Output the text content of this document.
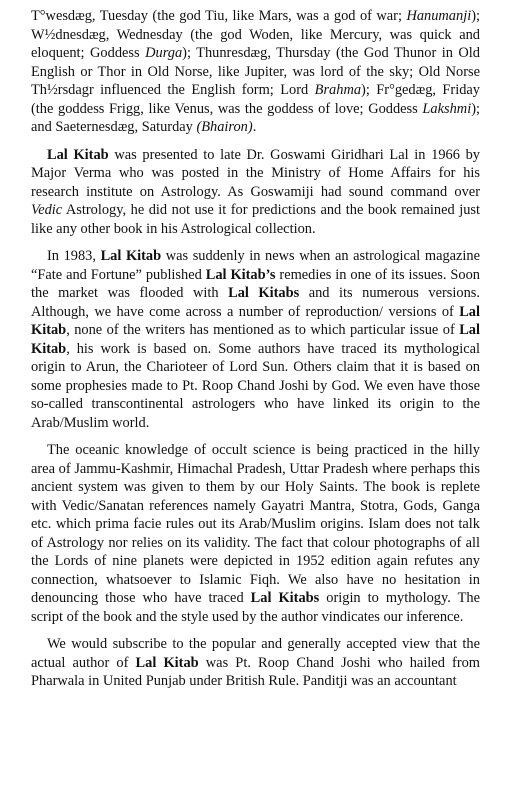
T°wesdæg, Tuesday (the god Tiu, like Mars, was a god of war; Hanumanji); W½dnesdæg, Wednesday (the god Woden, like Mercury, was quick and eloquent; Goddess Durga); Thunresdæg, Thursday (the God Thunor in Old English or Thor in Old Norse, like Jupiter, was lord of the sky; Old Norse Th½rsdagr influenced the English form; Lord Brahma); Fr°gedæg, Friday (the goddess Frigg, like Venus, was the goddess of love; Goddess Lakshmi); and Saeternesdæg, Saturday (Bhairon).

Lal Kitab was presented to late Dr. Goswami Giridhari Lal in 1966 by Major Verma who was posted in the Ministry of Home Affairs for his research institute on Astrology. As Goswamiji had sound command over Vedic Astrology, he did not use it for predictions and the book remained just like any other book in his Astrological collection.

In 1983, Lal Kitab was suddenly in news when an astrological magazine “Fate and Fortune” published Lal Kitab’s remedies in one of its issues. Soon the market was flooded with Lal Kitabs and its numerous versions. Although, we have come across a number of reproduction/ versions of Lal Kitab, none of the writers has mentioned as to which particular issue of Lal Kitab, his work is based on. Some authors have traced its mythological origin to Arun, the Charioteer of Lord Sun. Others claim that it is based on some prophesies made to Pt. Roop Chand Joshi by God. We even have those so-called transcontinental astrologers who have linked its origin to the Arab/Muslim world.

The oceanic knowledge of occult science is being practiced in the hilly area of Jammu-Kashmir, Himachal Pradesh, Uttar Pradesh where perhaps this ancient system was given to them by our Holy Saints. The book is replete with Vedic/Sanatan references namely Gayatri Mantra, Stotra, Gods, Ganga etc. which prima facie rules out its Arab/Muslim origins. Islam does not talk of Astrology nor relies on its validity. The fact that colour photographs of all the Lords of nine planets were depicted in 1952 edition again refutes any connection, whatsoever to Islamic Fiqh. We also have no hesitation in denouncing those who have traced Lal Kitabs origin to mythology. The script of the book and the style used by the author vindicates our inference.

We would subscribe to the popular and generally accepted view that the actual author of Lal Kitab was Pt. Roop Chand Joshi who hailed from Pharwala in United Punjab under British Rule. Panditji was an accountant
